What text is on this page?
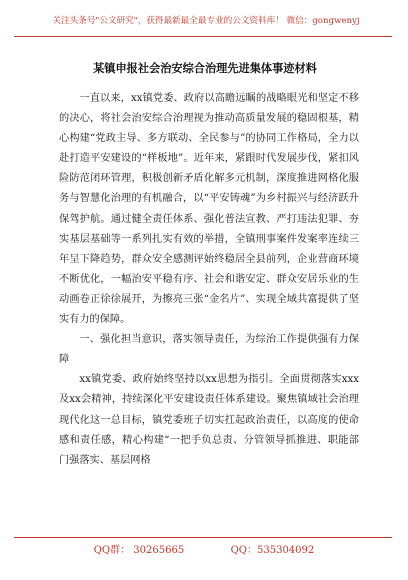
关注头条号"公文研究"，获得最新最全最专业的公文资料库！ 微信：gongwenyj
某镇申报社会治安综合治理先进集体事迹材料

一直以来，xx镇党委、政府以高瞻远瞩的战略眼光和坚定不移的决心，将社会治安综合治理视为推动高质量发展的稳固根基，精心构建“党政主导、多方联动、全民参与”的协同工作格局，全力以赴打造平安建设的“样板地”。近年来，紧跟时代发展步伐，紧扣风险防范闭环管理，积极创新矛盾化解多元机制，深度推进网格化服务与智慧化治理的有机融合，以“平安铸魂”为乡村振兴与经济跃升保驾护航。通过健全责任体系、强化普法宣教、严打违法犯罪、夯实基层基础等一系列扎实有效的举措，全镇刑事案件发案率连续三年呈下降趋势，群众安全感测评始终稳居全县前列，企业营商环境不断优化，一幅治安平稳有序、社会和谐安定、群众安居乐业的生动画卷正徐徐展开，为擦亮三张“金名片”、实现全域共富提供了坚实有力的保障。

一、强化担当意识，落实领导责任，为综治工作提供强有力保障

xx镇党委、政府始终坚持以xx思想为指引。全面贯彻落实xxx及xx会精神，持续深化平安建设责任体系建设。聚焦镇域社会治理现代化这一总目标，镇党委班子切实扛起政治责任，以高度的使命感和责任感，精心构建“一把手负总责、分管领导抓推进、职能部门强落实、基层网格

QQ群： 30265665	QQ：535304092
